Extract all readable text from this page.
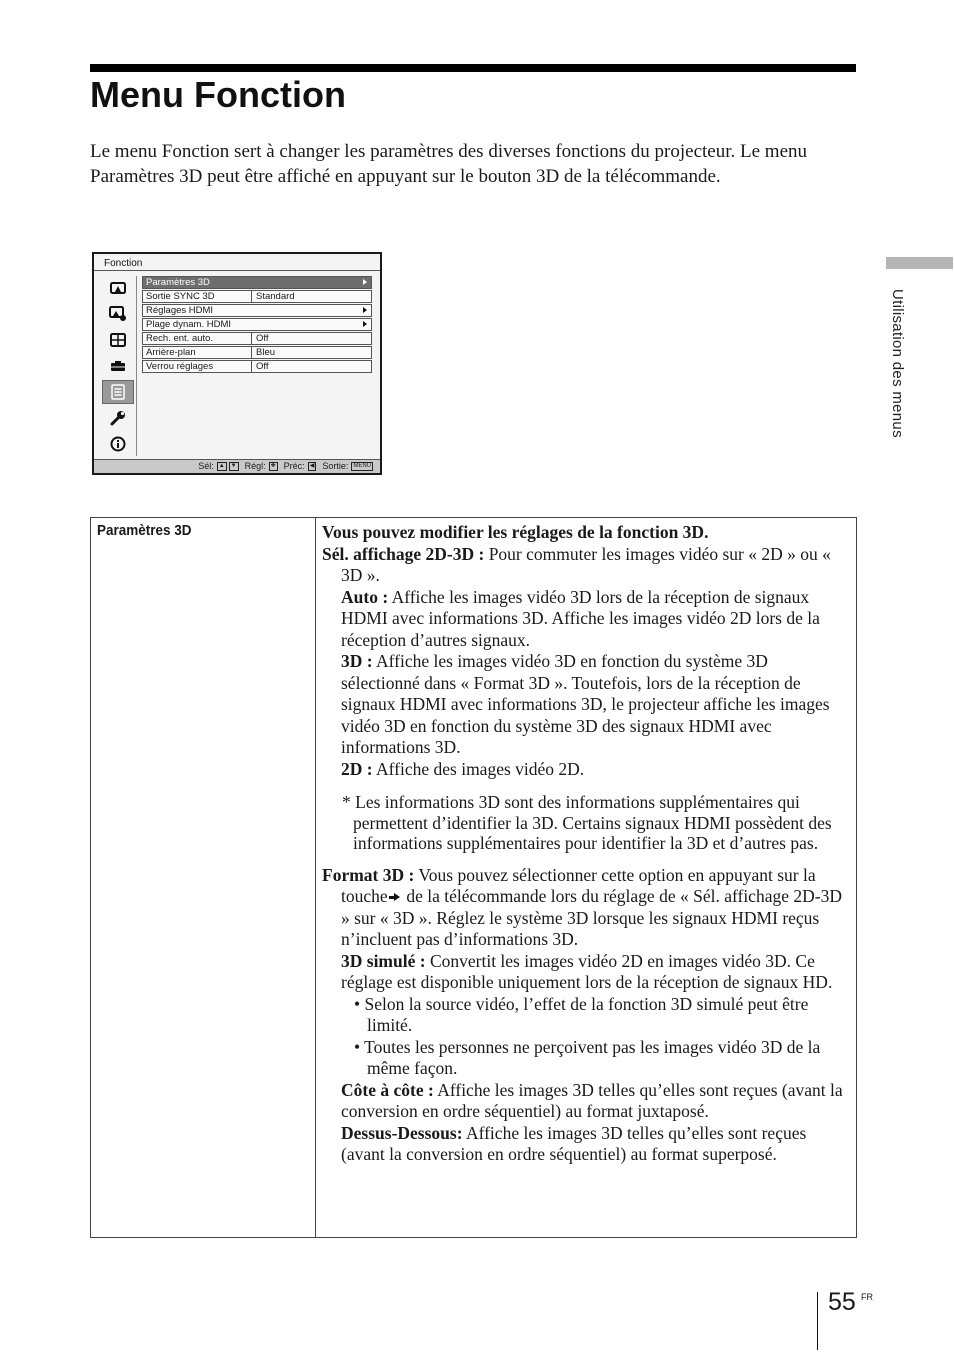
Menu Fonction

Le menu Fonction sert à changer les paramètres des diverses fonctions du projecteur. Le menu Paramètres 3D peut être affiché en appuyant sur le bouton 3D de la télécommande.

Utilisation des menus
Fonction
Paramètres 3D
Sortie SYNC 3D	Standard
Réglages HDMI
Plage dynam. HDMI
Rech. ent. auto.	Off
Arrière-plan	Bleu
Verrou réglages	Off
Sél: ▲ ▼ Régl: ✚ Préc: ◀ Sortie: MENU
Paramètres 3D	Vous pouvez modifier les réglages de la fonction 3D.

Sél. affichage 2D-3D : Pour commuter les images vidéo sur « 2D » ou « 3D ».

Auto : Affiche les images vidéo 3D lors de la réception de signaux HDMI avec informations 3D. Affiche les images vidéo 2D lors de la réception d’autres signaux.

3D : Affiche les images vidéo 3D en fonction du système 3D sélectionné dans « Format 3D ». Toutefois, lors de la réception de signaux HDMI avec informations 3D, le projecteur affiche les images vidéo 3D en fonction du système 3D des signaux HDMI avec informations 3D.

2D : Affiche des images vidéo 2D.

* Les informations 3D sont des informations supplémentaires qui permettent d’identifier la 3D. Certains signaux HDMI possèdent des informations supplémentaires pour identifier la 3D et d’autres pas.

Format 3D : Vous pouvez sélectionner cette option en appuyant sur la touche  de la télécommande lors du réglage de « Sél. affichage 2D-3D » sur « 3D ». Réglez le système 3D lorsque les signaux HDMI reçus n’incluent pas d’informations 3D.

3D simulé : Convertit les images vidéo 2D en images vidéo 3D. Ce réglage est disponible uniquement lors de la réception de signaux HD.

• Selon la source vidéo, l’effet de la fonction 3D simulé peut être limité.

• Toutes les personnes ne perçoivent pas les images vidéo 3D de la même façon.

Côte à côte : Affiche les images 3D telles qu’elles sont reçues (avant la conversion en ordre séquentiel) au format juxtaposé.

Dessus-Dessous: Affiche les images 3D telles qu’elles sont reçues (avant la conversion en ordre séquentiel) au format superposé.

55 FR
